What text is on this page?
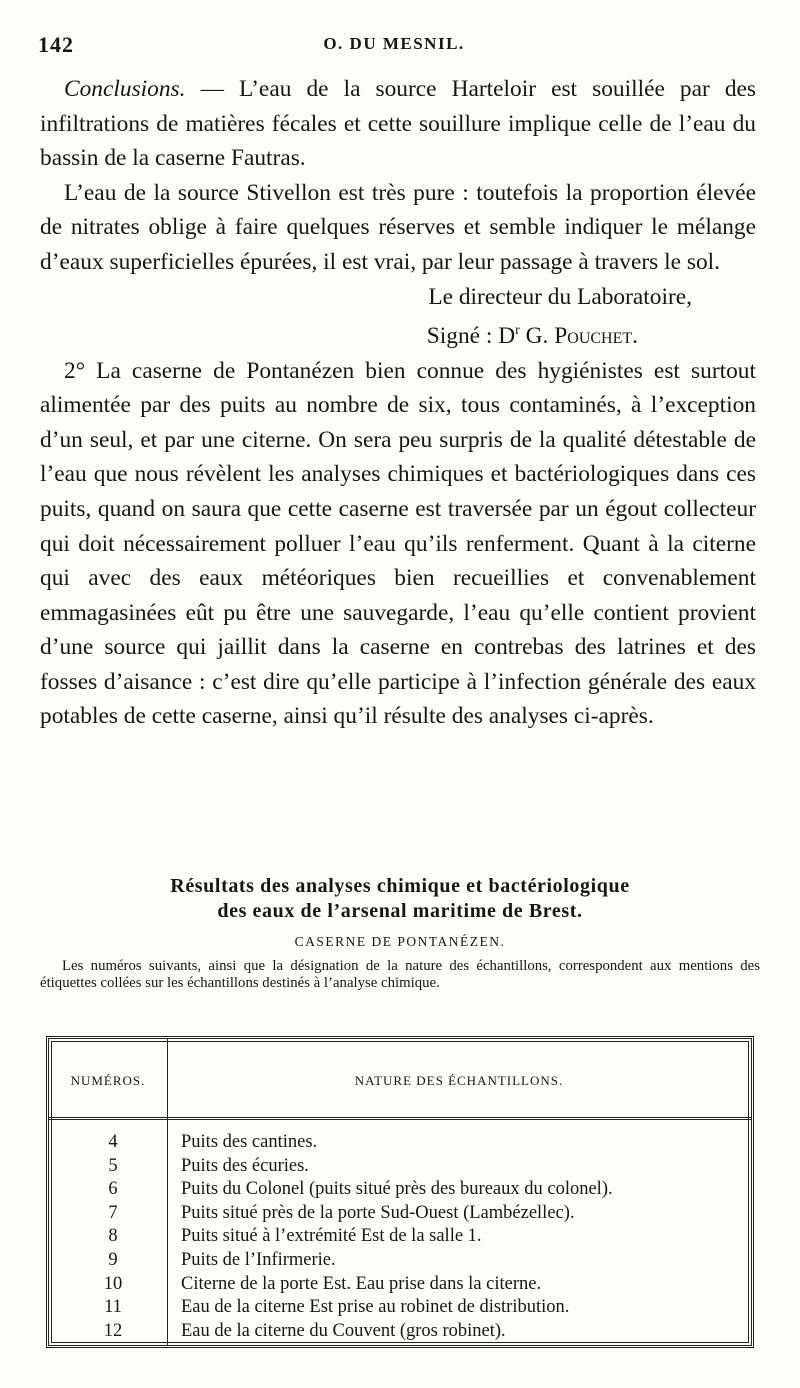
142	O. DU MESNIL.

Conclusions. — L’eau de la source Harteloir est souillée par des infiltrations de matières fécales et cette souillure implique celle de l’eau du bassin de la caserne Fautras.

L’eau de la source Stivellon est très pure : toutefois la proportion élevée de nitrates oblige à faire quelques réserves et semble indiquer le mélange d’eaux superficielles épurées, il est vrai, par leur passage à travers le sol.

Le directeur du Laboratoire,

Signé : $D^r$ G. Pouchet.

2° La caserne de Pontanézen bien connue des hygiénistes est surtout alimentée par des puits au nombre de six, tous contaminés, à l’exception d’un seul, et par une citerne. On sera peu surpris de la qualité détestable de l’eau que nous révèlent les analyses chimiques et bactériologiques dans ces puits, quand on saura que cette caserne est traversée par un égout collecteur qui doit nécessairement polluer l’eau qu’ils renferment. Quant à la citerne qui avec des eaux météoriques bien recueillies et convenablement emmagasinées eût pu être une sauvegarde, l’eau qu’elle contient provient d’une source qui jaillit dans la caserne en contrebas des latrines et des fosses d’aisance : c’est dire qu’elle participe à l’infection générale des eaux potables de cette caserne, ainsi qu’il résulte des analyses ci-après.

Résultats des analyses chimique et bactériologique

des eaux de l’arsenal maritime de Brest.

CASERNE DE PONTANÉZEN.

Les numéros suivants, ainsi que la désignation de la nature des échantillons, correspondent aux mentions des étiquettes collées sur les échantillons destinés à l’analyse chimique.

NUMÉROS.	NATURE DES ÉCHANTILLONS.
4	Puits des cantines.
5	Puits des écuries.
6	Puits du Colonel (puits situé près des bureaux du colonel).
7	Puits situé près de la porte Sud-Ouest (Lambézellec).
8	Puits situé à l’extrémité Est de la salle 1.
9	Puits de l’Infirmerie.
10	Citerne de la porte Est. Eau prise dans la citerne.
11	Eau de la citerne Est prise au robinet de distribution.
12	Eau de la citerne du Couvent (gros robinet).
